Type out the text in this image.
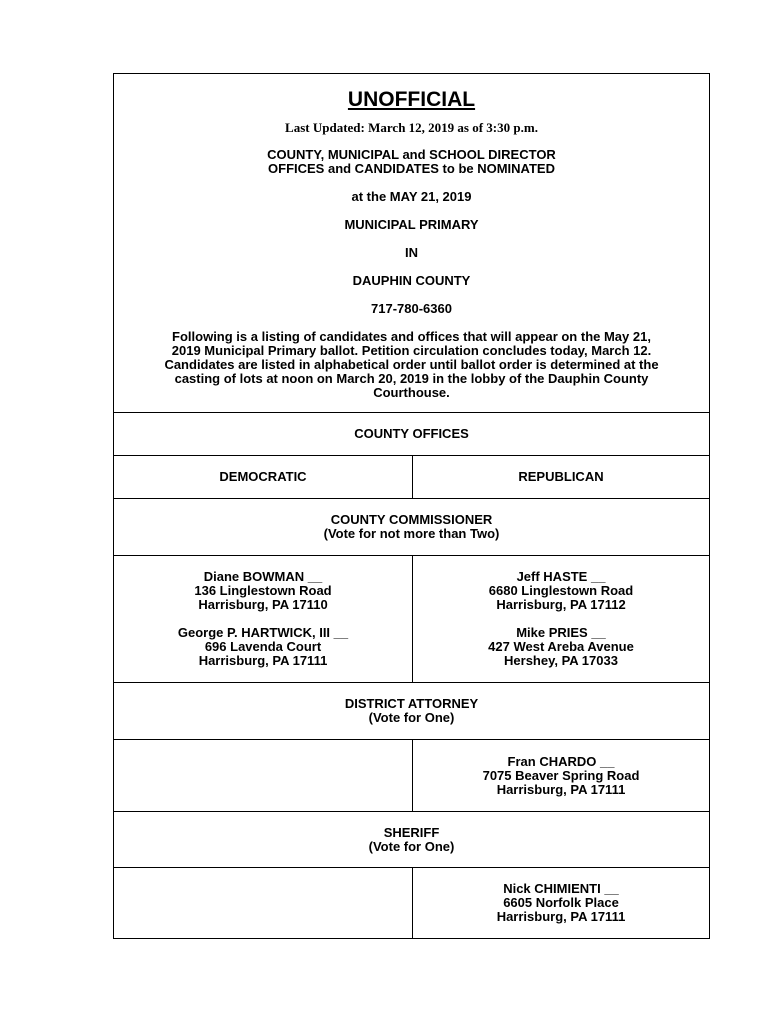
UNOFFICIAL
Last Updated: March 12, 2019 as of 3:30 p.m.
COUNTY, MUNICIPAL and SCHOOL DIRECTOR
OFFICES and CANDIDATES to be NOMINATED
at the MAY 21, 2019
MUNICIPAL PRIMARY
IN
DAUPHIN COUNTY
717-780-6360
Following is a listing of candidates and offices that will appear on the May 21,
2019 Municipal Primary ballot. Petition circulation concludes today, March 12.
Candidates are listed in alphabetical order until ballot order is determined at the
casting of lots at noon on March 20, 2019 in the lobby of the Dauphin County
Courthouse.
COUNTY OFFICES
DEMOCRATIC	REPUBLICAN
COUNTY COMMISSIONER
(Vote for not more than Two)
Diane BOWMAN __
136 Linglestown Road
Harrisburg, PA 17110
George P. HARTWICK, III __
696 Lavenda Court
Harrisburg, PA 17111
Jeff HASTE __
6680 Linglestown Road
Harrisburg, PA 17112
Mike PRIES __
427 West Areba Avenue
Hershey, PA 17033
DISTRICT ATTORNEY
(Vote for One)
Fran CHARDO __
7075 Beaver Spring Road
Harrisburg, PA 17111
SHERIFF
(Vote for One)
Nick CHIMIENTI __
6605 Norfolk Place
Harrisburg, PA 17111
